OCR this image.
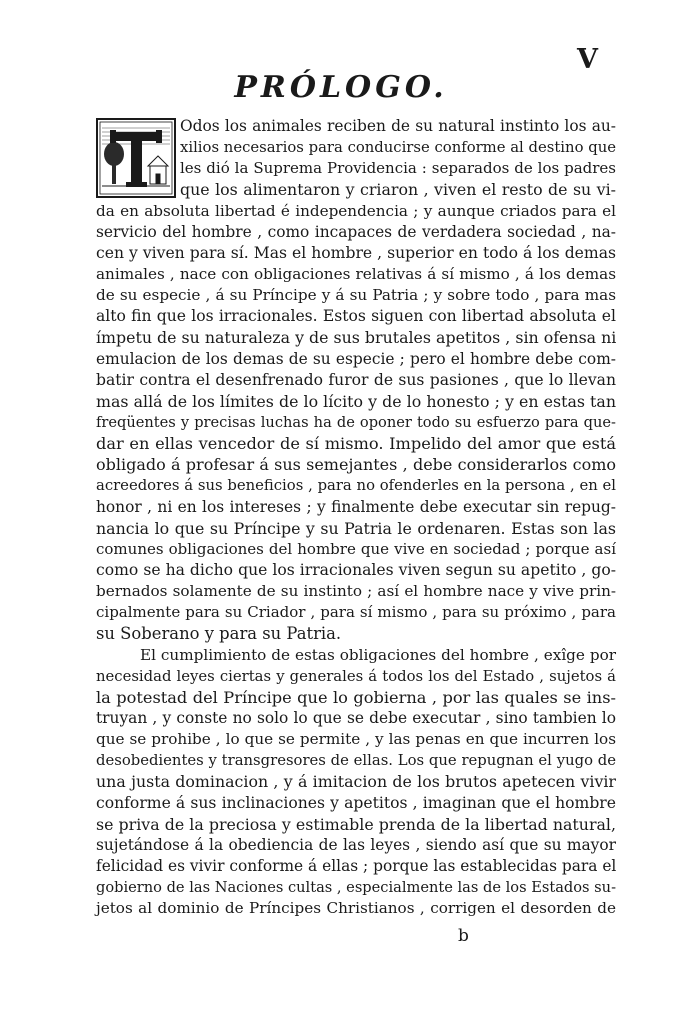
V
PRÓLOGO.
Odos los animales reciben de su natural instinto los au-
xilios necesarios para conducirse conforme al destino que
les dió la Suprema Providencia : separados de los padres
que los alimentaron y criaron , viven el resto de su vi-
da en absoluta libertad é independencia ; y aunque criados para el
servicio del hombre , como incapaces de verdadera sociedad , na-
cen y viven para sí. Mas el hombre , superior en todo á los demas
animales , nace con obligaciones relativas á sí mismo , á los demas
de su especie , á su Príncipe y á su Patria ; y sobre todo , para mas
alto fin que los irracionales. Estos siguen con libertad absoluta el
ímpetu de su naturaleza y de sus brutales apetitos , sin ofensa ni
emulacion de los demas de su especie ; pero el hombre debe com-
batir contra el desenfrenado furor de sus pasiones , que lo llevan
mas allá de los límites de lo lícito y de lo honesto ; y en estas tan
freqüentes y precisas luchas ha de oponer todo su esfuerzo para que-
dar en ellas vencedor de sí mismo. Impelido del amor que está
obligado á profesar á sus semejantes , debe considerarlos como
acreedores á sus beneficios , para no ofenderles en la persona , en el
honor , ni en los intereses ; y finalmente debe executar sin repug-
nancia lo que su Príncipe y su Patria le ordenaren. Estas son las
comunes obligaciones del hombre que vive en sociedad ; porque así
como se ha dicho que los irracionales viven segun su apetito , go-
bernados solamente de su instinto ; así el hombre nace y vive prin-
cipalmente para su Criador , para sí mismo , para su próximo , para
su Soberano y para su Patria.
El cumplimiento de estas obligaciones del hombre , exîge por
necesidad leyes ciertas y generales á todos los del Estado , sujetos á
la potestad del Príncipe que lo gobierna , por las quales se ins-
truyan , y conste no solo lo que se debe executar , sino tambien lo
que se prohibe , lo que se permite , y las penas en que incurren los
desobedientes y transgresores de ellas. Los que repugnan el yugo de
una justa dominacion , y á imitacion de los brutos apetecen vivir
conforme á sus inclinaciones y apetitos , imaginan que el hombre
se priva de la preciosa y estimable prenda de la libertad natural,
sujetándose á la obediencia de las leyes , siendo así que su mayor
felicidad es vivir conforme á ellas ; porque las establecidas para el
gobierno de las Naciones cultas , especialmente las de los Estados su-
jetos al dominio de Príncipes Christianos , corrigen el desorden de
b
